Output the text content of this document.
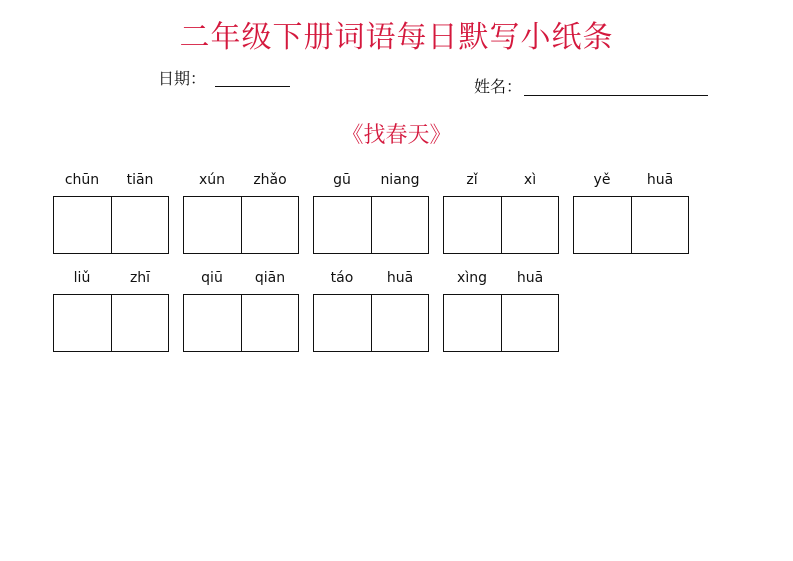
二年级下册词语每日默写小纸条
日期：	姓名：
《找春天》
chūn	tiān	xún	zhǎo	gū	niang	zǐ	xì	yě	huā
liǔ	zhī	qiū	qiān	táo	huā	xìng	huā
